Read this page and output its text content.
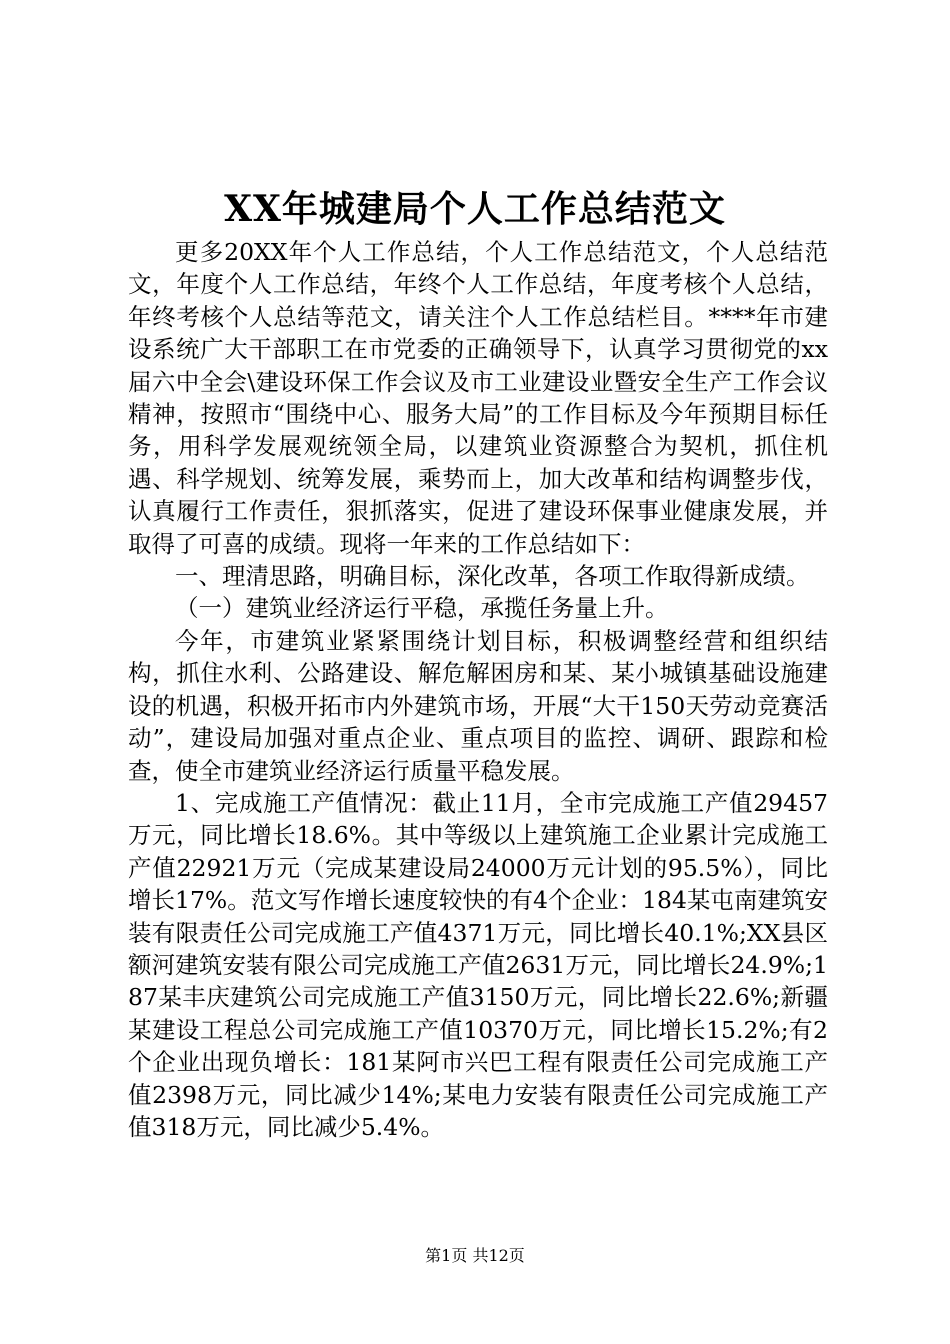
XX年城建局个人工作总结范文

更多20XX年个人工作总结，个人工作总结范文，个人总结范文，年度个人工作总结，年终个人工作总结，年度考核个人总结，年终考核个人总结等范文，请关注个人工作总结栏目。****年市建设系统广大干部职工在市党委的正确领导下，认真学习贯彻党的xx届六中全会\建设环保工作会议及市工业建设业暨安全生产工作会议精神，按照市“围绕中心、服务大局”的工作目标及今年预期目标任务，用科学发展观统领全局，以建筑业资源整合为契机，抓住机遇、科学规划、统筹发展，乘势而上，加大改革和结构调整步伐，认真履行工作责任，狠抓落实，促进了建设环保事业健康发展，并取得了可喜的成绩。现将一年来的工作总结如下：

一、理清思路，明确目标，深化改革，各项工作取得新成绩。

（一）建筑业经济运行平稳，承揽任务量上升。

今年，市建筑业紧紧围绕计划目标，积极调整经营和组织结构，抓住水利、公路建设、解危解困房和某、某小城镇基础设施建设的机遇，积极开拓市内外建筑市场，开展“大干150天劳动竞赛活动”，建设局加强对重点企业、重点项目的监控、调研、跟踪和检查，使全市建筑业经济运行质量平稳发展。

1、完成施工产值情况：截止11月，全市完成施工产值29457万元，同比增长18.6%。其中等级以上建筑施工企业累计完成施工产值22921万元（完成某建设局24000万元计划的95.5%），同比增长17%。范文写作增长速度较快的有4个企业：184某屯南建筑安装有限责任公司完成施工产值4371万元，同比增长40.1%;XX县区额河建筑安装有限公司完成施工产值2631万元，同比增长24.9%;187某丰庆建筑公司完成施工产值3150万元，同比增长22.6%;新疆某建设工程总公司完成施工产值10370万元，同比增长15.2%;有2个企业出现负增长：181某阿市兴巴工程有限责任公司完成施工产值2398万元，同比减少14%;某电力安装有限责任公司完成施工产值318万元，同比减少5.4%。

第1页 共12页
